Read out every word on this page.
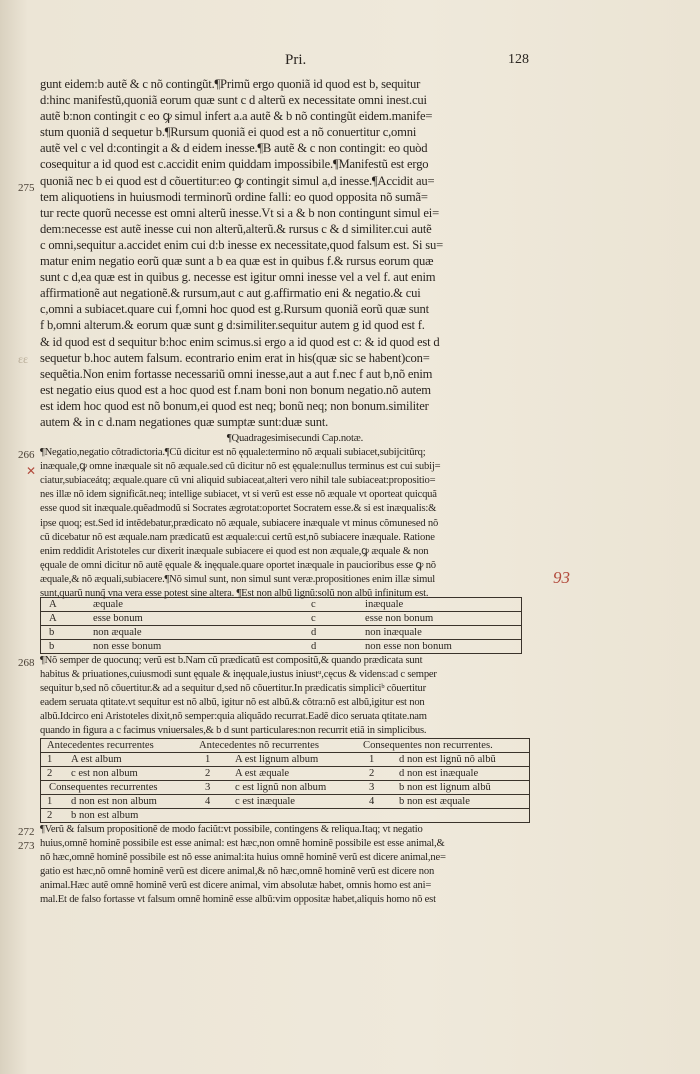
Pri.	128
275
266
268
272
273
ɛɛ
✕
93
gunt eidem:b autẽ & c nõ contingũt.¶Primũ ergo quoniã id quod est b, sequitur
d:hinc manifestũ,quoniã eorum quæ sunt c d alterũ ex necessitate omni inest.cui
autẽ b:non contingit c eo ꝙ simul infert a.a autẽ & b nõ contingũt eidem.manife=
stum quoniã d sequetur b.¶Rursum quoniã ei quod est a nõ conuertitur c,omni
autẽ vel c vel d:contingit a & d eidem inesse.¶B autẽ & c non contingit: eo quòd
cosequitur a id quod est c.accidit enim quiddam impossibile.¶Manifestũ est ergo
quoniã nec b ei quod est d cõuertitur:eo ꝙ contingit simul a,d inesse.¶Accidit au=
tem aliquotiens in huiusmodi terminorũ ordine falli: eo quod opposita nõ sumã=
tur recte quorũ necesse est omni alterũ inesse.Vt si a & b non contingunt simul ei=
dem:necesse est autẽ inesse cui non alterũ,alterũ.& rursus c & d similiter.cui autẽ
c omni,sequitur a.accidet enim cui d:b inesse ex necessitate,quod falsum est. Si su=
matur enim negatio eorũ quæ sunt a b ea quæ est in quibus f.& rursus eorum quæ
sunt c d,ea quæ est in quibus g. necesse est igitur omni inesse vel a vel f. aut enim
affirmationẽ aut negationẽ.& rursum,aut c aut g.affirmatio eni & negatio.& cui
c,omni a subiacet.quare cui f,omni hoc quod est g.Rursum quoniã eorũ quæ sunt
f b,omni alterum.& eorum quæ sunt g d:similiter.sequitur autem g id quod est f.
& id quod est d sequitur b:hoc enim scimus.si ergo a id quod est c: & id quod est d
sequetur b.hoc autem falsum. econtrario enim erat in his(quæ sic se habent)con=
sequẽtia.Non enim fortasse necessariũ omni inesse,aut a aut f.nec f aut b,nõ enim
est negatio eius quod est a hoc quod est f.nam boni non bonum negatio.nõ autem
est idem hoc quod est nõ bonum,ei quod est neq; bonũ neq; non bonum.similiter
autem & in c d.nam negationes quæ sumptæ sunt:duæ sunt.
¶Quadragesimisecundi Cap.notæ.
¶Negatio,negatio cõtradictoria.¶Cũ dicitur est nõ ęquale:termino nõ æquali subiacet,subijcitũrq;
inæquale,ꝙ omne inæquale sit nõ æquale.sed cũ dicitur nõ est ęquale:nullus terminus est cui subij=
ciatur,subiaceátq; æquale.quare cũ vni aliquid subiaceat,alteri vero nihil tale subiaceat:propositio=
nes illæ nõ idem significãt.neq; intellige subiacet, vt si verũ est esse nõ æquale vt oporteat quicquã
esse quod sit inæquale.quẽadmodũ si Socrates ægrotat:oportet Socratem esse.& si est inæqualis:&
ipse quoq; est.Sed id intẽdebatur,prædicato nõ æquale, subiacere inæquale vt minus cõmunesed nõ
cũ dicebatur nõ est æquale.nam prædicatũ est æquale:cui certũ est,nõ subiacere inæquale. Ratione
enim reddidit Aristoteles cur dixerit inæquale subiacere ei quod est non æquale,ꝙ æquale & non
ęquale de omni dicitur nõ autẽ ęquale & inęquale.quare oportet inæquale in paucioribus esse ꝙ nõ
æquale,& nõ æquali,subiacere.¶Nõ simul sunt, non simul sunt veræ.propositiones enim illæ simul
sunt,quarũ nunq̃ vna vera esse potest sine altera. ¶Est non albũ lignũ:solũ non albũ infinitum est.
A	æquale	c	inæquale
A	esse bonum	c	esse non bonum
b	non æquale	d	non inæquale
b	non esse bonum	d	non esse non bonum
¶Nõ semper de quocunq; verũ est b.Nam cũ prædicatũ est compositũ,& quando prædicata sunt
habitus & priuationes,cuiusmodi sunt ęquale & inęquale,iustus iniustᵘ,cęcus & videns:ad c semper
sequitur b,sed nõ cõuertitur.& ad a sequitur d,sed nõ cõuertitur.In prædicatis simpliciᵇ cõuertitur
eadem seruata qtitate.vt sequitur est nõ albũ, igitur nõ est albũ.& cõtra:nõ est albũ,igitur est non
albũ.Idcirco eni Aristoteles dixit,nõ semper:quia aliquãdo recurrat.Eadẽ dico seruata qtitate.nam
quando in figura a c facimus vniuersales,& b d sunt particulares:non recurrit etiã in simplicibus.
Antecedentes recurrentes	Antecedentes nõ recurrentes	Consequentes non recurrentes.
1 A est album	1 A est lignum album	1 d non est lignũ nõ albũ
2 c est non album	2 A est æquale	2 d non est inæquale
Consequentes recurrentes	3 c est lignũ non album	3 b non est lignum albũ
1 d non est non album	4 c est inæquale	4 b non est æquale
2 b non est album
¶Verũ & falsum propositionẽ de modo faciũt:vt possibile, contingens & reliqua.Itaq; vt negatio
huius,omnẽ hominẽ possibile est esse animal: est hæc,non omnẽ hominẽ possibile est esse animal,&
nõ hæc,omnẽ hominẽ possibile est nõ esse animal:ita huius omnẽ hominẽ verũ est dicere animal,ne=
gatio est hæc,nõ omnẽ hominẽ verũ est dicere animal,& nõ hæc,omnẽ hominẽ verũ est dicere non
animal.Hæc autẽ omnẽ hominẽ verũ est dicere animal, vim absolutæ habet, omnis homo est ani=
mal.Et de falso fortasse vt falsum omnẽ hominẽ esse albũ:vim oppositæ habet,aliquis homo nõ est
